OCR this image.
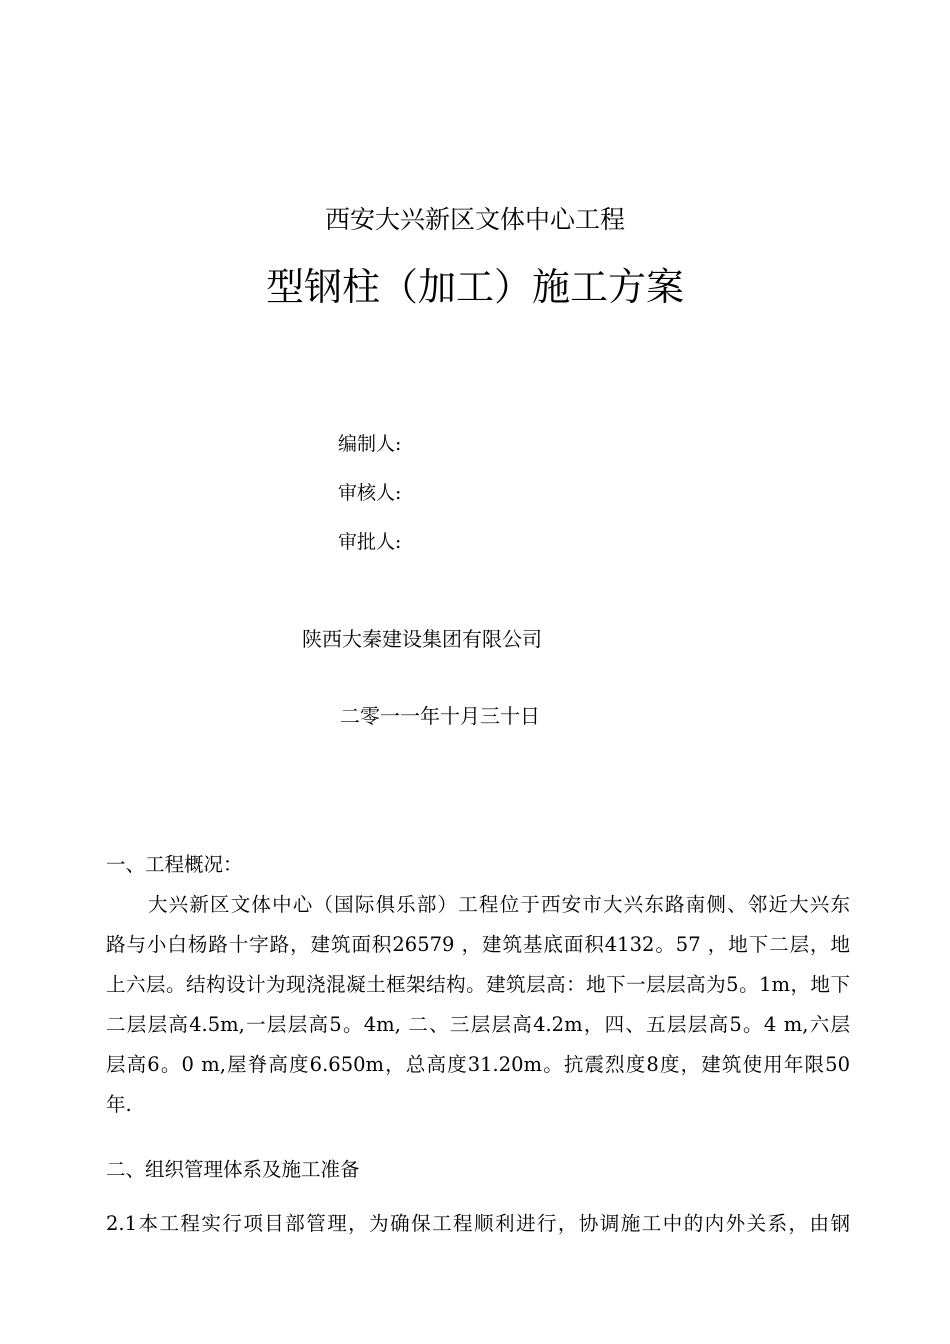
西安大兴新区文体中心工程
型钢柱（加工）施工方案
编制人:
审核人:
审批人:
陕西大秦建设集团有限公司
二零一一年十月三十日
一、工程概况：
大兴新区文体中心（国际俱乐部）工程位于西安市大兴东路南侧、邻近大兴东
路与小白杨路十字路，建筑面积26579 ，建筑基底面积4132。57 ，地下二层，地
上六层。结构设计为现浇混凝土框架结构。建筑层高：地下一层层高为5。1m，地下
二层层高4.5m,一层层高5。4m, 二、三层层高4.2m，四、五层层高5。4 m,六层
层高6。0 m,屋脊高度6.650m，总高度31.20m。抗震烈度8度，建筑使用年限50
年.
二、组织管理体系及施工准备
2.1本工程实行项目部管理，为确保工程顺利进行，协调施工中的内外关系，由钢
